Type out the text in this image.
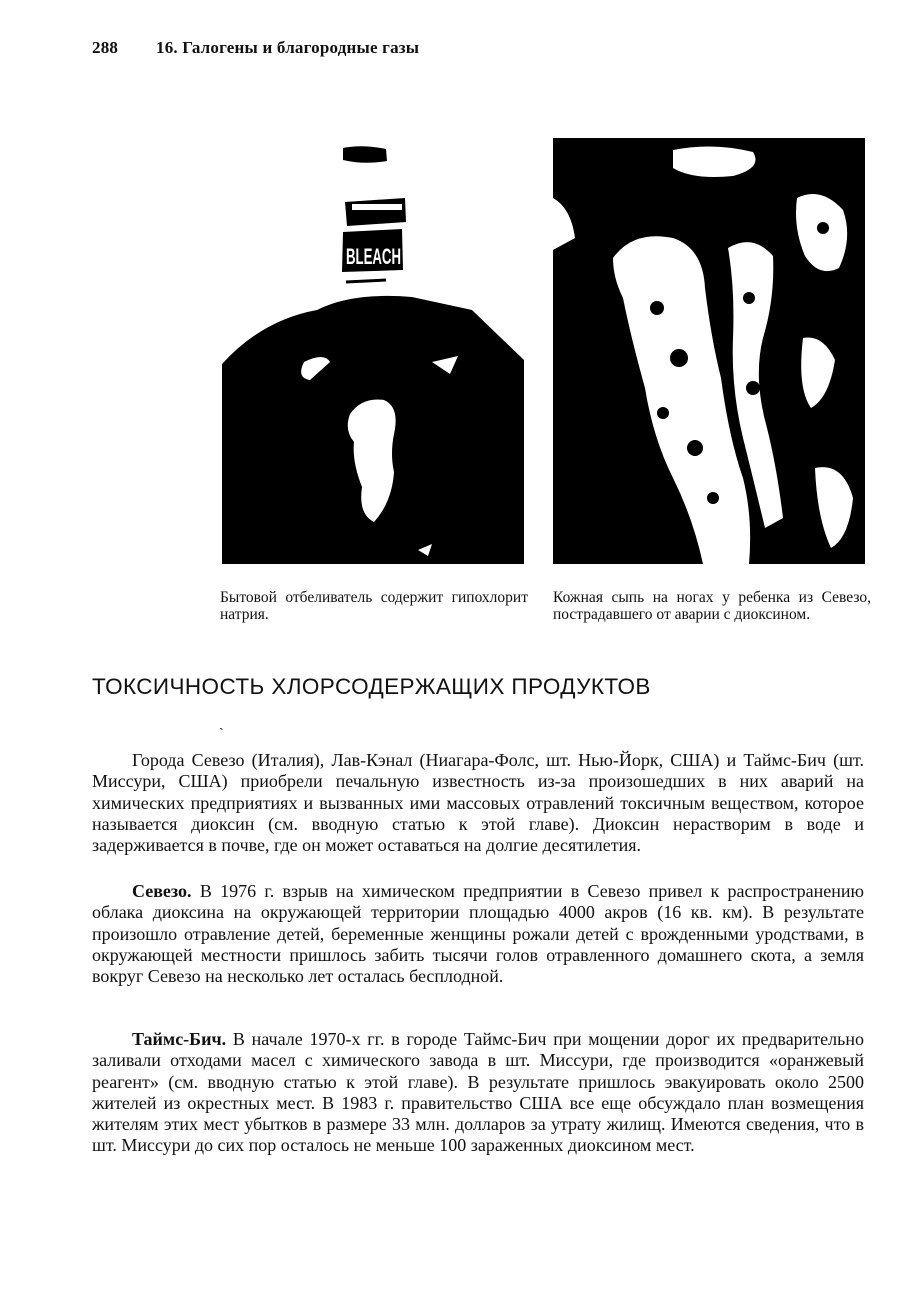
288 16. Галогены и благородные газы
BLEACH
Бытовой отбеливатель содержит гипохлорит натрия.
Кожная сыпь на ногах у ребенка из Севезо, пострадавшего от аварии с диоксином.
ТОКСИЧНОСТЬ ХЛОРСОДЕРЖАЩИХ ПРОДУКТОВ
ˎ

Города Севезо (Италия), Лав-Кэнал (Ниагара-Фолс, шт. Нью-Йорк, США) и Таймс-Бич (шт. Миссури, США) приобрели печальную известность из-за произошедших в них аварий на химических предприятиях и вызванных ими массовых отравлений токсичным веществом, которое называется диоксин (см. вводную статью к этой главе). Диоксин нерастворим в воде и задерживается в почве, где он может оставаться на долгие десятилетия.

Севезо. В 1976 г. взрыв на химическом предприятии в Севезо привел к распространению облака диоксина на окружающей территории площадью 4000 акров (16 кв. км). В результате произошло отравление детей, беременные женщины рожали детей с врожденными уродствами, в окружающей местности пришлось забить тысячи голов отравленного домашнего скота, а земля вокруг Севезо на несколько лет осталась бесплодной.

Таймс-Бич. В начале 1970-х гг. в городе Таймс-Бич при мощении дорог их предварительно заливали отходами масел с химического завода в шт. Миссури, где производится «оранжевый реагент» (см. вводную статью к этой главе). В результате пришлось эвакуировать около 2500 жителей из окрестных мест. В 1983 г. правительство США все еще обсуждало план возмещения жителям этих мест убытков в размере 33 млн. долларов за утрату жилищ. Имеются сведения, что в шт. Миссури до сих пор осталось не меньше 100 зараженных диоксином мест.
